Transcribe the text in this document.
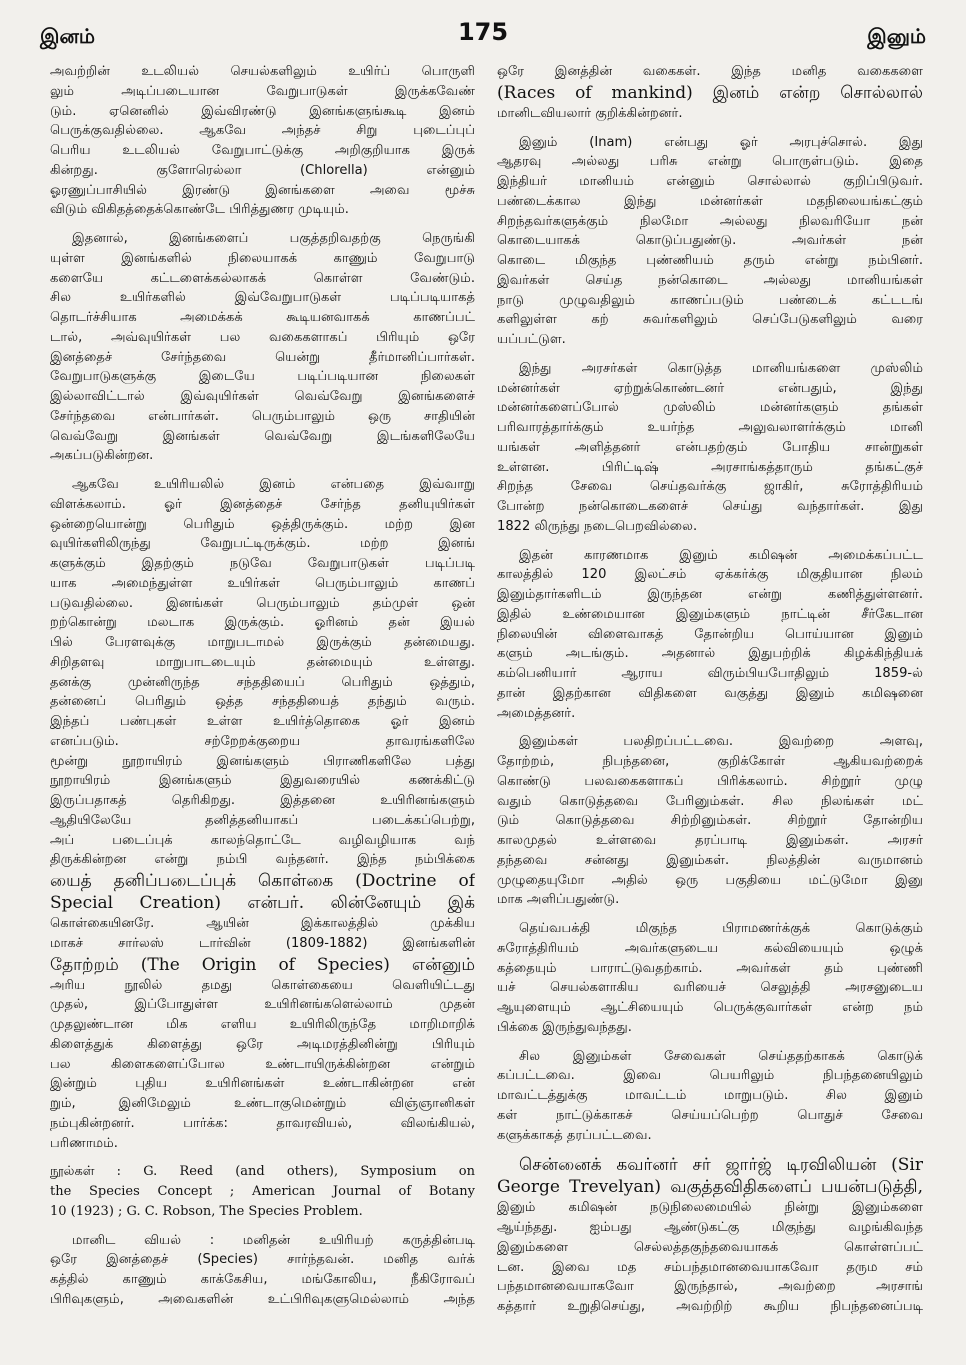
இனம்	175	இனும்
அவற்றின் உடலியல் செயல்களிலும் உயிர்ப் பொருளி
லும் அடிப்படையான வேறுபாடுகள் இருக்கவேண்
டும். ஏனெனில் இவ்விரண்டு இனங்களுங்கூடி இனம்
பெருக்குவதில்லை. ஆகவே அந்தச் சிறு புடைப்புப்
பெரிய உடலியல் வேறுபாட்டுக்கு அறிகுறியாக இருக்
கின்றது. குளோரெல்லா (Chlorella) என்னும்
ஓரணுப்பாசியில் இரண்டு இனங்களை அவை மூச்சு
விடும் விகிதத்தைக்கொண்டே பிரித்துணர முடியும்.
இதனால், இனங்களைப் பகுத்தறிவதற்கு நெருங்கி
யுள்ள இனங்களில் நிலையாகக் காணும் வேறுபாடு
களையே கட்டளைக்கல்லாகக் கொள்ள வேண்டும்.
சில உயிர்களில் இவ்வேறுபாடுகள் படிப்படியாகத்
தொடர்ச்சியாக அமைக்கக் கூடியனவாகக் காணப்பட்
டால், அவ்வுயிர்கள் பல வகைகளாகப் பிரியும் ஒரே
இனத்தைச் சேர்ந்தவை யென்று தீர்மானிப்பார்கள்.
வேறுபாடுகளுக்கு இடையே படிப்படியான நிலைகள்
இல்லாவிட்டால் இவ்வுயிர்கள் வெவ்வேறு இனங்களைச்
சேர்ந்தவை என்பார்கள். பெரும்பாலும் ஒரு சாதியின்
வெவ்வேறு இனங்கள் வெவ்வேறு இடங்களிலேயே
அகப்படுகின்றன.
ஆகவே உயிரியலில் இனம் என்பதை இவ்வாறு
விளக்கலாம். ஓர் இனத்தைச் சேர்ந்த தனியுயிர்கள்
ஒன்றையொன்று பெரிதும் ஒத்திருக்கும். மற்ற இன
வுயிர்களிலிருந்து வேறுபட்டிருக்கும். மற்ற இனங்
களுக்கும் இதற்கும் நடுவே வேறுபாடுகள் படிப்படி
யாக அமைந்துள்ள உயிர்கள் பெரும்பாலும் காணப்
படுவதில்லை. இனங்கள் பெரும்பாலும் தம்முள் ஒன்
றற்கொன்று மலடாக இருக்கும். ஓரினம் தன் இயல்
பில் பேரளவுக்கு மாறுபடாமல் இருக்கும் தன்மையது.
சிறிதளவு மாறுபாடடையும் தன்மையும் உள்ளது.
தனக்கு முன்னிருந்த சந்ததியைப் பெரிதும் ஒத்தும்,
தன்னைப் பெரிதும் ஒத்த சந்ததியைத் தந்தும் வரும்.
இந்தப் பண்புகள் உள்ள உயிர்த்தொகை ஓர் இனம்
எனப்படும். சற்றேறக்குறைய தாவரங்களிலே
மூன்று நூறாயிரம் இனங்களும் பிராணிகளிலே பத்து
நூறாயிரம் இனங்களும் இதுவரையில் கணக்கிட்டு
இருப்பதாகத் தெரிகிறது. இத்தனை உயிரினங்களும்
ஆதியிலேயே தனித்தனியாகப் படைக்கப்பெற்று,
அப் படைப்புக் காலந்தொட்டே வழிவழியாக வந்
திருக்கின்றன என்று நம்பி வந்தனர். இந்த நம்பிக்கை
யைத் தனிப்படைப்புக் கொள்கை (Doctrine of
Special Creation) என்பர். லின்னேயும் இக்
கொள்கையினரே. ஆயின் இக்காலத்தில் முக்கிய
மாகச் சார்லஸ் டார்வின் (1809-1882) இனங்களின்
தோற்றம் (The Origin of Species) என்னும்
அரிய நூலில் தமது கொள்கையை வெளியிட்டது
முதல், இப்போதுள்ள உயிரினங்களெல்லாம் முதன்
முதலுண்டான மிக எளிய உயிரிலிருந்தே மாறிமாறிக்
கிளைத்துக் கிளைத்து ஒரே அடிமரத்தினின்று பிரியும்
பல கிளைகளைப்போல உண்டாயிருக்கின்றன என்றும்
இன்றும் புதிய உயிரினங்கள் உண்டாகின்றன என்
றும், இனிமேலும் உண்டாகுமென்றும் விஞ்ஞானிகள்
நம்புகின்றனர். பார்க்க: தாவரவியல், விலங்கியல்,
பரிணாமம்.
நூல்கள் : G. Reed (and others), Symposium on
the Species Concept ; American Journal of Botany
10 (1923) ; G. C. Robson, The Species Problem.
மானிட வியல் : மனிதன் உயிரியற் கருத்தின்படி
ஒரே இனத்தைச் (Species) சார்ந்தவன். மனித வர்க்
கத்தில் காணும் காக்கேசிய, மங்கோலிய, நீகிரோவப்
பிரிவுகளும், அவைகளின் உட்பிரிவுகளுமெல்லாம் அந்த
ஒரே இனத்தின் வகைகள். இந்த மனித வகைகளை
(Races of mankind) இனம் என்ற சொல்லால்
மானிடவியலார் குறிக்கின்றனர்.
இனும் (Inam) என்பது ஓர் அரபுச்சொல். இது
ஆதரவு அல்லது பரிசு என்று பொருள்படும். இதை
இந்தியர் மானியம் என்னும் சொல்லால் குறிப்பிடுவர்.
பண்டைக்கால இந்து மன்னர்கள் மதநிலையங்கட்கும்
சிறந்தவர்களுக்கும் நிலமோ அல்லது நிலவரியோ நன்
கொடையாகக் கொடுப்பதுண்டு. அவர்கள் நன்
கொடை மிகுந்த புண்ணியம் தரும் என்று நம்பினர்.
இவர்கள் செய்த நன்கொடை அல்லது மானியங்கள்
நாடு முழுவதிலும் காணப்படும் பண்டைக் கட்டடங்
களிலுள்ள கற் சுவர்களிலும் செப்பேடுகளிலும் வரை
யப்பட்டுள.
இந்து அரசர்கள் கொடுத்த மானியங்களை முஸ்லிம்
மன்னர்கள் ஏற்றுக்கொண்டனர் என்பதும், இந்து
மன்னர்களைப்போல் முஸ்லிம் மன்னர்களும் தங்கள்
பரிவாரத்தார்க்கும் உயர்ந்த அலுவலாளர்க்கும் மானி
யங்கள் அளித்தனர் என்பதற்கும் போதிய சான்றுகள்
உள்ளன. பிரிட்டிஷ் அரசாங்கத்தாரும் தங்கட்குச்
சிறந்த சேவை செய்தவர்க்கு ஜாகிர், சுரோத்திரியம்
போன்ற நன்கொடைகளைச் செய்து வந்தார்கள். இது
1822 லிருந்து நடைபெறவில்லை.
இதன் காரணமாக இனும் கமிஷன் அமைக்கப்பட்ட
காலத்தில் 120 இலட்சம் ஏக்கர்க்கு மிகுதியான நிலம்
இனும்தார்களிடம் இருந்தன என்று கணித்துள்ளனர்.
இதில் உண்மையான இனும்களும் நாட்டின் சீர்கேடான
நிலையின் விளைவாகத் தோன்றிய பொய்யான இனும்
களும் அடங்கும். அதனால் இதுபற்றிக் கிழக்கிந்தியக்
கம்பெனியார் ஆராய விரும்பியபோதிலும் 1859-ல்
தான் இதற்கான விதிகளை வகுத்து இனும் கமிஷனை
அமைத்தனர்.
இனும்கள் பலதிறப்பட்டவை. இவற்றை அளவு,
தோற்றம், நிபந்தனை, குறிக்கோள் ஆகியவற்றைக்
கொண்டு பலவகைகளாகப் பிரிக்கலாம். சிற்றூர் முழு
வதும் கொடுத்தவை பேரினும்கள். சில நிலங்கள் மட்
டும் கொடுத்தவை சிற்றினும்கள். சிற்றூர் தோன்றிய
காலமுதல் உள்ளவை தரப்பாடி இனும்கள். அரசர்
தந்தவை சன்னது இனும்கள். நிலத்தின் வருமானம்
முழுதையுமோ அதில் ஒரு பகுதியை மட்டுமோ இனு
மாக அளிப்பதுண்டு.
தெய்வபக்தி மிகுந்த பிராமணர்க்குக் கொடுக்கும்
சுரோத்திரியம் அவர்களுடைய கல்வியையும் ஒழுக்
கத்தையும் பாராட்டுவதற்காம். அவர்கள் தம் புண்ணி
யச் செயல்களாகிய வரியைச் செலுத்தி அரசனுடைய
ஆயுளையும் ஆட்சியையும் பெருக்குவார்கள் என்ற நம்
பிக்கை இருந்துவந்தது.
சில இனும்கள் சேவைகள் செய்ததற்காகக் கொடுக்
கப்பட்டவை. இவை பெயரிலும் நிபந்தனையிலும்
மாவட்டத்துக்கு மாவட்டம் மாறுபடும். சில இனும்
கள் நாட்டுக்காகச் செய்யப்பெற்ற பொதுச் சேவை
களுக்காகத் தரப்பட்டவை.
சென்னைக் கவர்னர் சர் ஜார்ஜ் டிரவிலியன் (Sir
George Trevelyan) வகுத்தவிதிகளைப் பயன்படுத்தி,
இனும் கமிஷன் நடுநிலைமையில் நின்று இனும்களை
ஆய்ந்தது. ஐம்பது ஆண்டுகட்கு மிகுந்து வழங்கிவந்த
இனும்களை செல்லத்தகுந்தவையாகக் கொள்ளப்பட்
டன. இவை மத சம்பந்தமானவையாகவோ தரும சம்
பந்தமானவையாகவோ இருந்தால், அவற்றை அரசாங்
கத்தார் உறுதிசெய்து, அவற்றிற் கூறிய நிபந்தனைப்படி
